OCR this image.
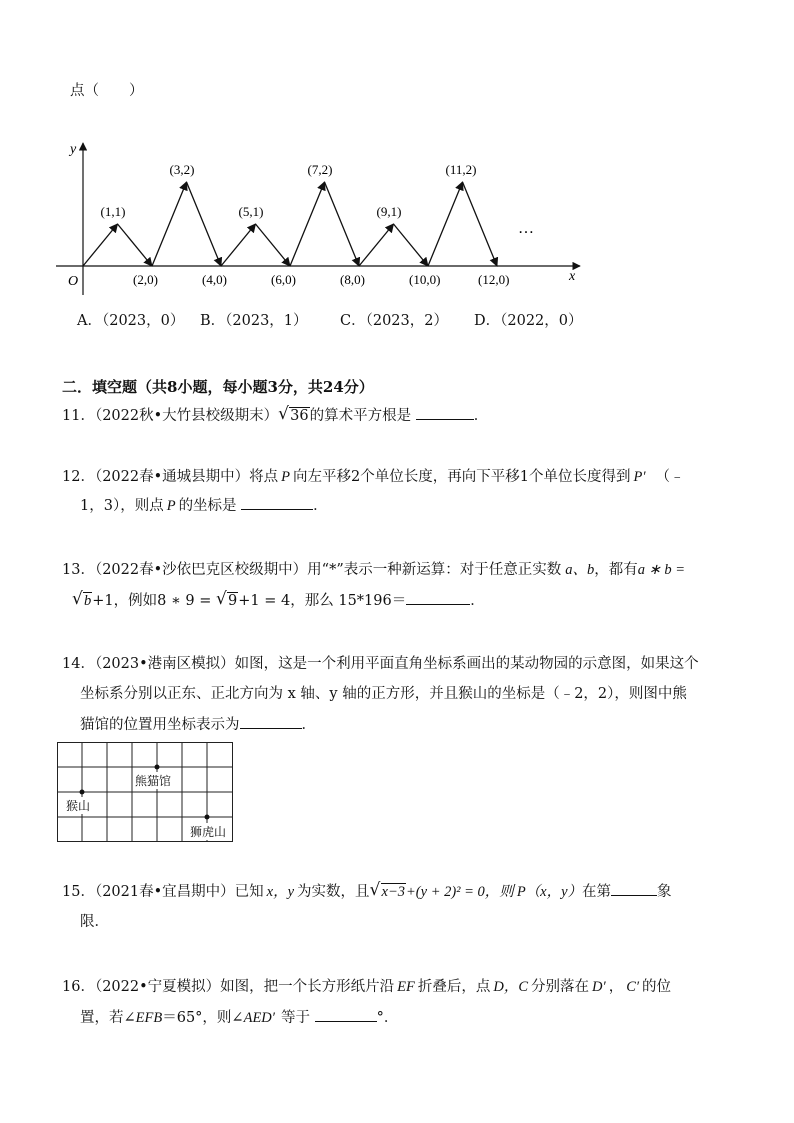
点（ ）
y
x
O
…
(1,1)
(3,2)
(5,1)
(7,2)
(9,1)
(11,2)
(2,0)	(4,0)	(6,0)	(8,0)	(10,0)	(12,0)
A．（2023，0） B．（2023，1） C．（2023，2） D．（2022，0）
二．填空题（共8小题，每小题3分，共24分）
11．（2022秋•大竹县校级期末） √ 36的算术平方根是	．
12．（2022春•通城县期中）将点 P 向左平移2个单位长度，再向下平移1个单位长度得到 P′ （﹣
1，3），则点 P 的坐标是	．
13．（2022春•沙依巴克区校级期中）用“*”表示一种新运算：对于任意正实数 a、b，都有a ∗ b =
√ b+1，例如8 ∗ 9 = √ 9+1 = 4，那么 15*196＝	．
14．（2023•港南区模拟）如图，这是一个利用平面直角坐标系画出的某动物园的示意图，如果这个
坐标系分别以正东、正北方向为 x 轴、y 轴的正方形，并且猴山的坐标是（﹣2，2），则图中熊
猫馆的位置用坐标表示为	．
熊猫馆
猴山
狮虎山
15．（2021春•宜昌期中）已知 x，y 为实数，且 √ x−3+(y + 2)² = 0，则 P（x，y）在第	象
限．
16．（2022•宁夏模拟）如图，把一个长方形纸片沿 EF 折叠后，点 D，C 分别落在 D′ ， C′ 的位
置，若∠EFB＝65°，则∠AED′ 等于	°．
